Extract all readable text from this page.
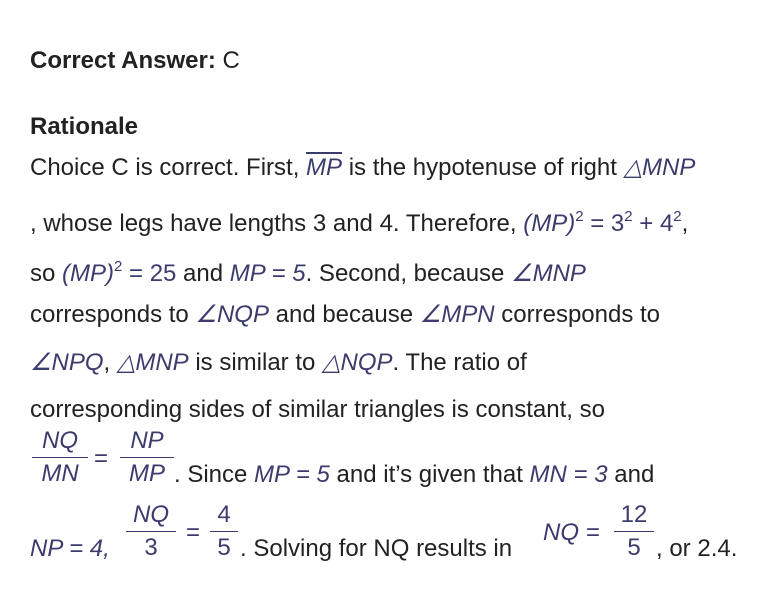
Correct Answer: C
Rationale
Choice C is correct. First, $\overline{MP}$ is the hypotenuse of right △MNP
, whose legs have lengths 3 and 4. Therefore, $(MP)^2 = 3^2 + 4^2$,
so (MP)$^2$ = 25 and MP = 5. Second, because ∠MNP
corresponds to ∠NQP and because ∠MPN corresponds to
∠NPQ, △MNP is similar to △NQP. The ratio of
corresponding sides of similar triangles is constant, so
NQ
MN
=
NP
MP . Since MP = 5 and it’s given that MN = 3 and
NP = 4,
NQ
3
=
4
5 . Solving for NQ results in
NQ =
12
5 , or 2.4.
